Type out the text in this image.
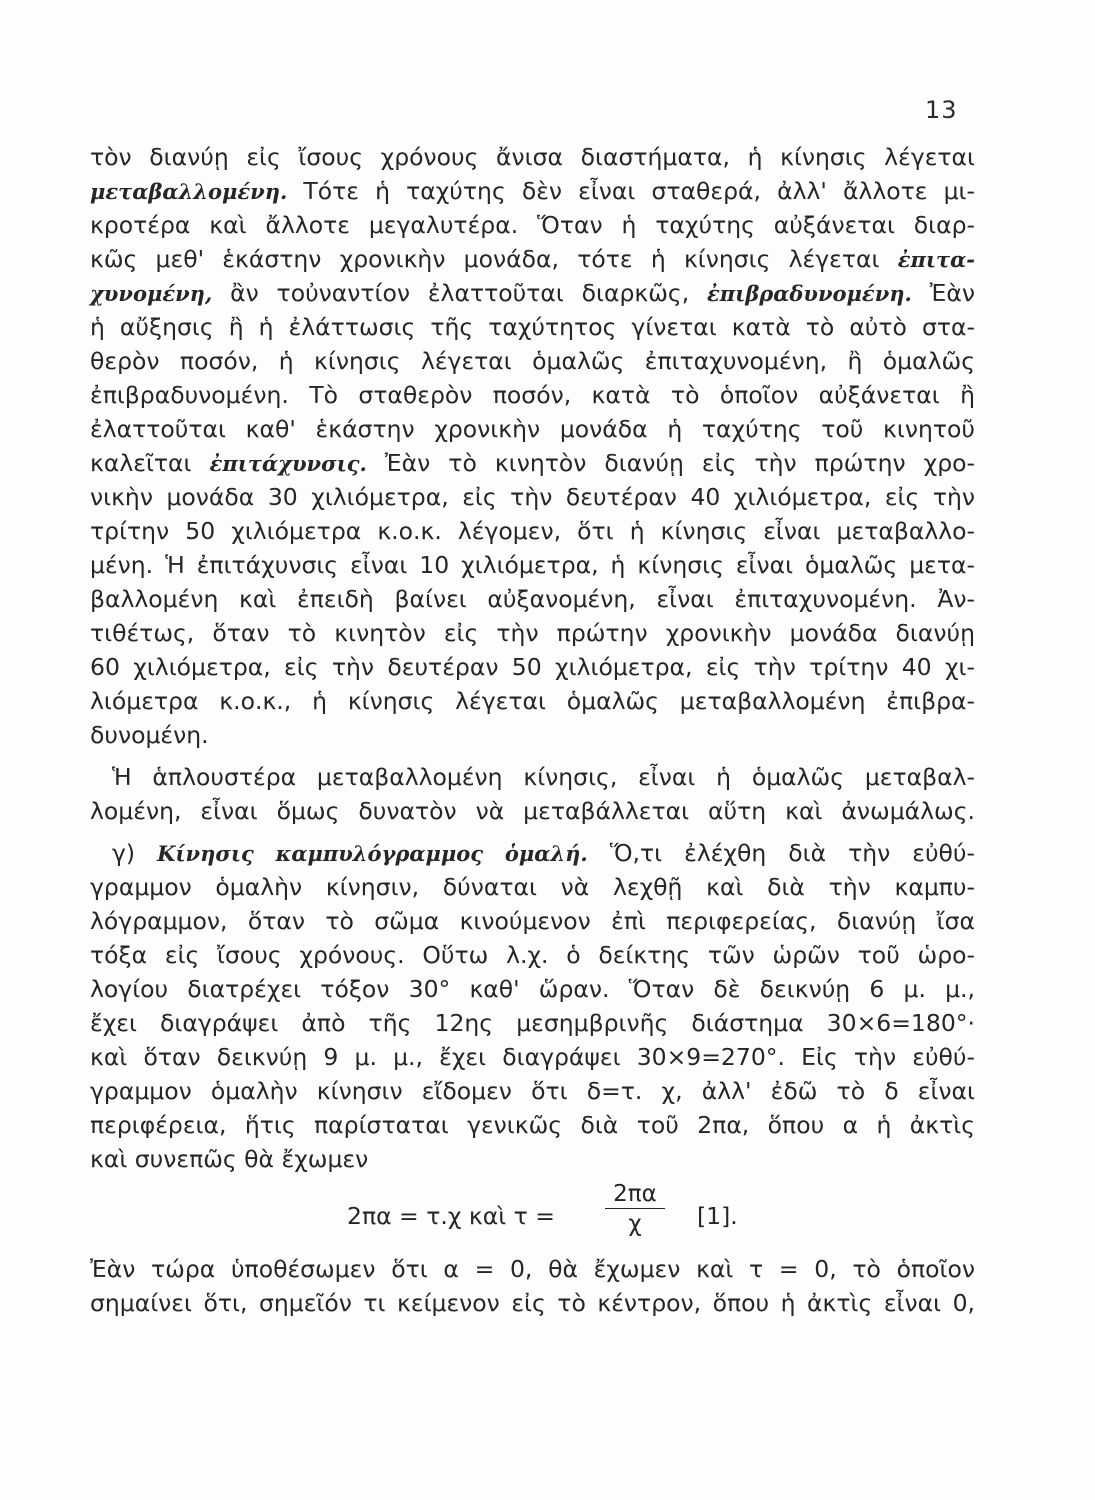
13
τὸν διανύῃ εἰς ἴσους χρόνους ἄνισα διαστήματα, ἡ κίνησις λέγεται
μεταβαλλομένη. Τότε ἡ ταχύτης δὲν εἶναι σταθερά, ἀλλ' ἄλλοτε μι-
κροτέρα καὶ ἄλλοτε μεγαλυτέρα. Ὅταν ἡ ταχύτης αὐξάνεται διαρ-
κῶς μεθ' ἑκάστην χρονικὴν μονάδα, τότε ἡ κίνησις λέγεται ἐπιτα-
χυνομένη, ἂν τοὐναντίον ἐλαττοῦται διαρκῶς, ἐπιβραδυνομένη. Ἐὰν
ἡ αὔξησις ἢ ἡ ἐλάττωσις τῆς ταχύτητος γίνεται κατὰ τὸ αὐτὸ στα-
θερὸν ποσόν, ἡ κίνησις λέγεται ὁμαλῶς ἐπιταχυνομένη, ἢ ὁμαλῶς
ἐπιβραδυνομένη. Τὸ σταθερὸν ποσόν, κατὰ τὸ ὁποῖον αὐξάνεται ἢ
ἐλαττοῦται καθ' ἑκάστην χρονικὴν μονάδα ἡ ταχύτης τοῦ κινητοῦ
καλεῖται ἐπιτάχυνσις. Ἐὰν τὸ κινητὸν διανύῃ εἰς τὴν πρώτην χρο-
νικὴν μονάδα 30 χιλιόμετρα, εἰς τὴν δευτέραν 40 χιλιόμετρα, εἰς τὴν
τρίτην 50 χιλιόμετρα κ.ο.κ. λέγομεν, ὅτι ἡ κίνησις εἶναι μεταβαλλο-
μένη. Ἡ ἐπιτάχυνσις εἶναι 10 χιλιόμετρα, ἡ κίνησις εἶναι ὁμαλῶς μετα-
βαλλομένη καὶ ἐπειδὴ βαίνει αὐξανομένη, εἶναι ἐπιταχυνομένη. Ἀν-
τιθέτως, ὅταν τὸ κινητὸν εἰς τὴν πρώτην χρονικὴν μονάδα διανύῃ
60 χιλιόμετρα, εἰς τὴν δευτέραν 50 χιλιόμετρα, εἰς τὴν τρίτην 40 χι-
λιόμετρα κ.ο.κ., ἡ κίνησις λέγεται ὁμαλῶς μεταβαλλομένη ἐπιβρα-
δυνομένη.
Ἡ ἁπλουστέρα μεταβαλλομένη κίνησις, εἶναι ἡ ὁμαλῶς μεταβαλ-
λομένη, εἶναι ὅμως δυνατὸν νὰ μεταβάλλεται αὕτη καὶ ἀνωμάλως.
γ) Κίνησις καμπυλόγραμμος ὁμαλή. Ὅ,τι ἐλέχθη διὰ τὴν εὐθύ-
γραμμον ὁμαλὴν κίνησιν, δύναται νὰ λεχθῇ καὶ διὰ τὴν καμπυ-
λόγραμμον, ὅταν τὸ σῶμα κινούμενον ἐπὶ περιφερείας, διανύῃ ἴσα
τόξα εἰς ἴσους χρόνους. Οὕτω λ.χ. ὁ δείκτης τῶν ὡρῶν τοῦ ὡρο-
λογίου διατρέχει τόξον 30° καθ' ὥραν. Ὅταν δὲ δεικνύῃ 6 μ. μ.,
ἔχει διαγράψει ἀπὸ τῆς 12ης μεσημβρινῆς διάστημα 30×6=180°·
καὶ ὅταν δεικνύῃ 9 μ. μ., ἔχει διαγράψει 30×9=270°. Εἰς τὴν εὐθύ-
γραμμον ὁμαλὴν κίνησιν εἴδομεν ὅτι δ=τ. χ, ἀλλ' ἐδῶ τὸ δ εἶναι
περιφέρεια, ἥτις παρίσταται γενικῶς διὰ τοῦ 2πα, ὅπου α ἡ ἀκτὶς
καὶ συνεπῶς θὰ ἔχωμεν
2πα = τ.χ καὶ $\tau = \frac{2\pi\alpha}{\chi} [1]$.
Ἐὰν τώρα ὑποθέσωμεν ὅτι α = 0, θὰ ἔχωμεν καὶ τ = 0, τὸ ὁποῖον
σημαίνει ὅτι, σημεῖόν τι κείμενον εἰς τὸ κέντρον, ὅπου ἡ ἀκτὶς εἶναι 0,
